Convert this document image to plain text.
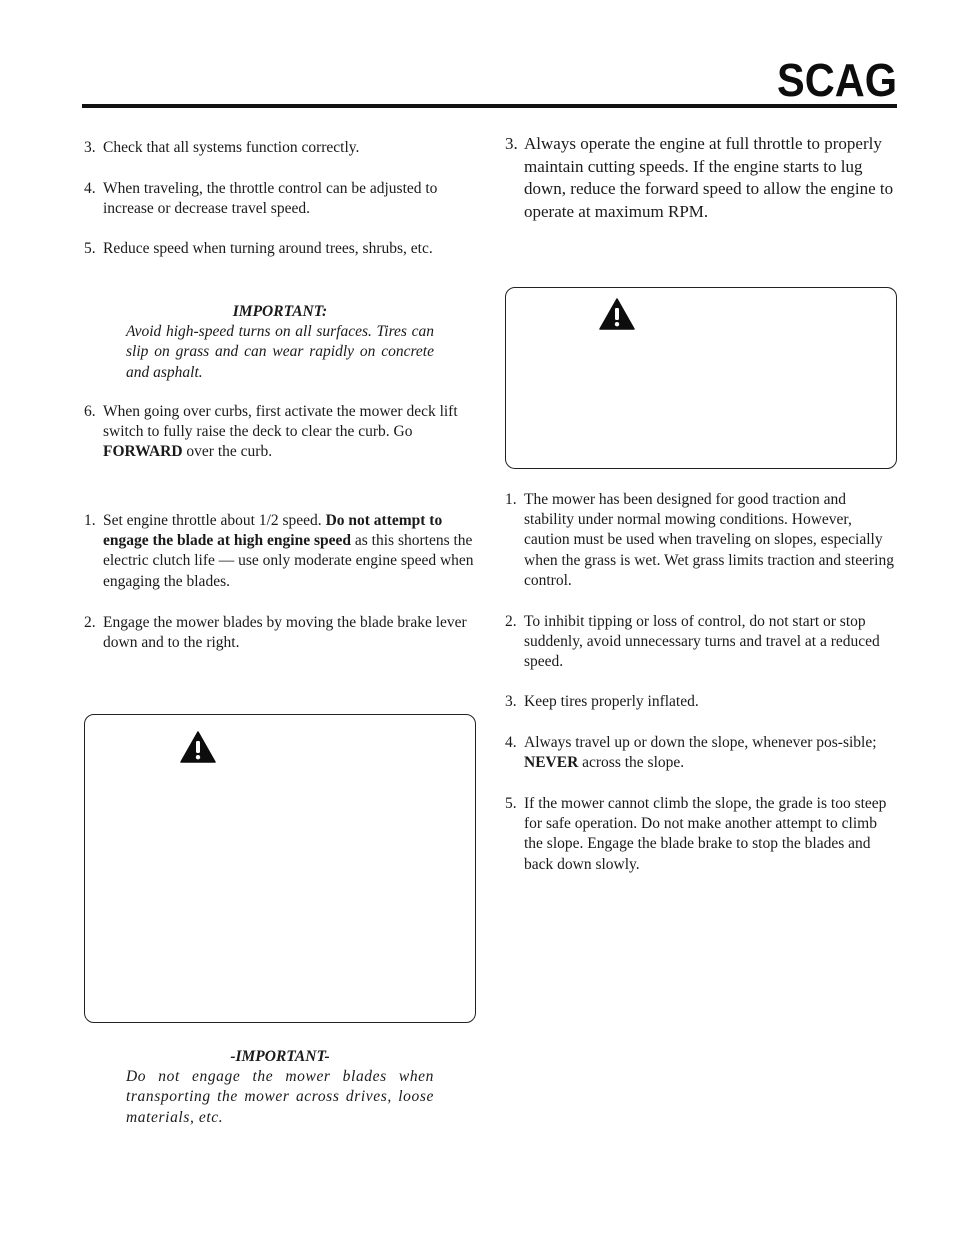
SCAG
3. Check that all systems function correctly.
4. When traveling, the throttle control can be adjusted to increase or decrease travel speed.
5. Reduce speed when turning around trees, shrubs, etc.
IMPORTANT:
Avoid high-speed turns on all surfaces. Tires can slip on grass and can wear rapidly on concrete and asphalt.
6. When going over curbs, first activate the mower deck lift switch to fully raise the deck to clear the curb. Go FORWARD over the curb.
1. Set engine throttle about 1/2 speed. Do not attempt to engage the blade at high engine speed as this shortens the electric clutch life — use only moderate engine speed when engaging the blades.
2. Engage the mower blades by moving the blade brake lever down and to the right.
-IMPORTANT-
Do not engage the mower blades when transporting the mower across drives, loose materials, etc.
3. Always operate the engine at full throttle to properly maintain cutting speeds. If the engine starts to lug down, reduce the forward speed to allow the engine to operate at maximum RPM.
1. The mower has been designed for good traction and stability under normal mowing conditions. However, caution must be used when traveling on slopes, especially when the grass is wet. Wet grass limits traction and steering control.
2. To inhibit tipping or loss of control, do not start or stop suddenly, avoid unnecessary turns and travel at a reduced speed.
3. Keep tires properly inflated.
4. Always travel up or down the slope, whenever pos-sible; NEVER across the slope.
5. If the mower cannot climb the slope, the grade is too steep for safe operation. Do not make another attempt to climb the slope. Engage the blade brake to stop the blades and back down slowly.
